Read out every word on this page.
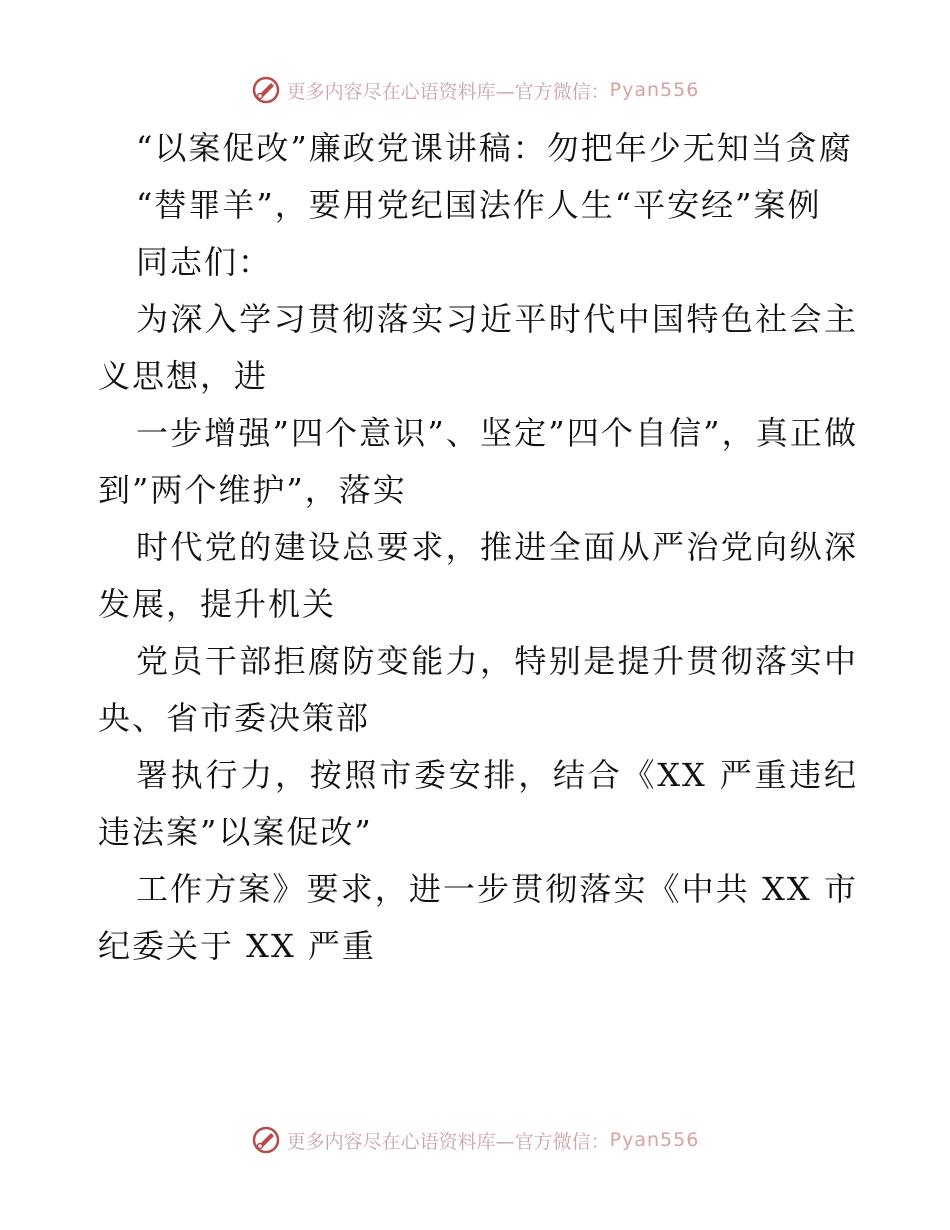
更多内容尽在心语资料库—官方微信： Pyan556

“以案促改”廉政党课讲稿：勿把年少无知当贪腐

“替罪羊”，要用党纪国法作人生“平安经”案例

同志们：

为深入学习贯彻落实习近平时代中国特色社会主义思想，进

一步增强”四个意识”、坚定”四个自信”，真正做到”两个维护”，落实

时代党的建设总要求，推进全面从严治党向纵深发展，提升机关

党员干部拒腐防变能力，特别是提升贯彻落实中央、省市委决策部

署执行力，按照市委安排，结合《XX 严重违纪违法案”以案促改”

工作方案》要求，进一步贯彻落实《中共 XX 市纪委关于 XX 严重

更多内容尽在心语资料库—官方微信： Pyan556
